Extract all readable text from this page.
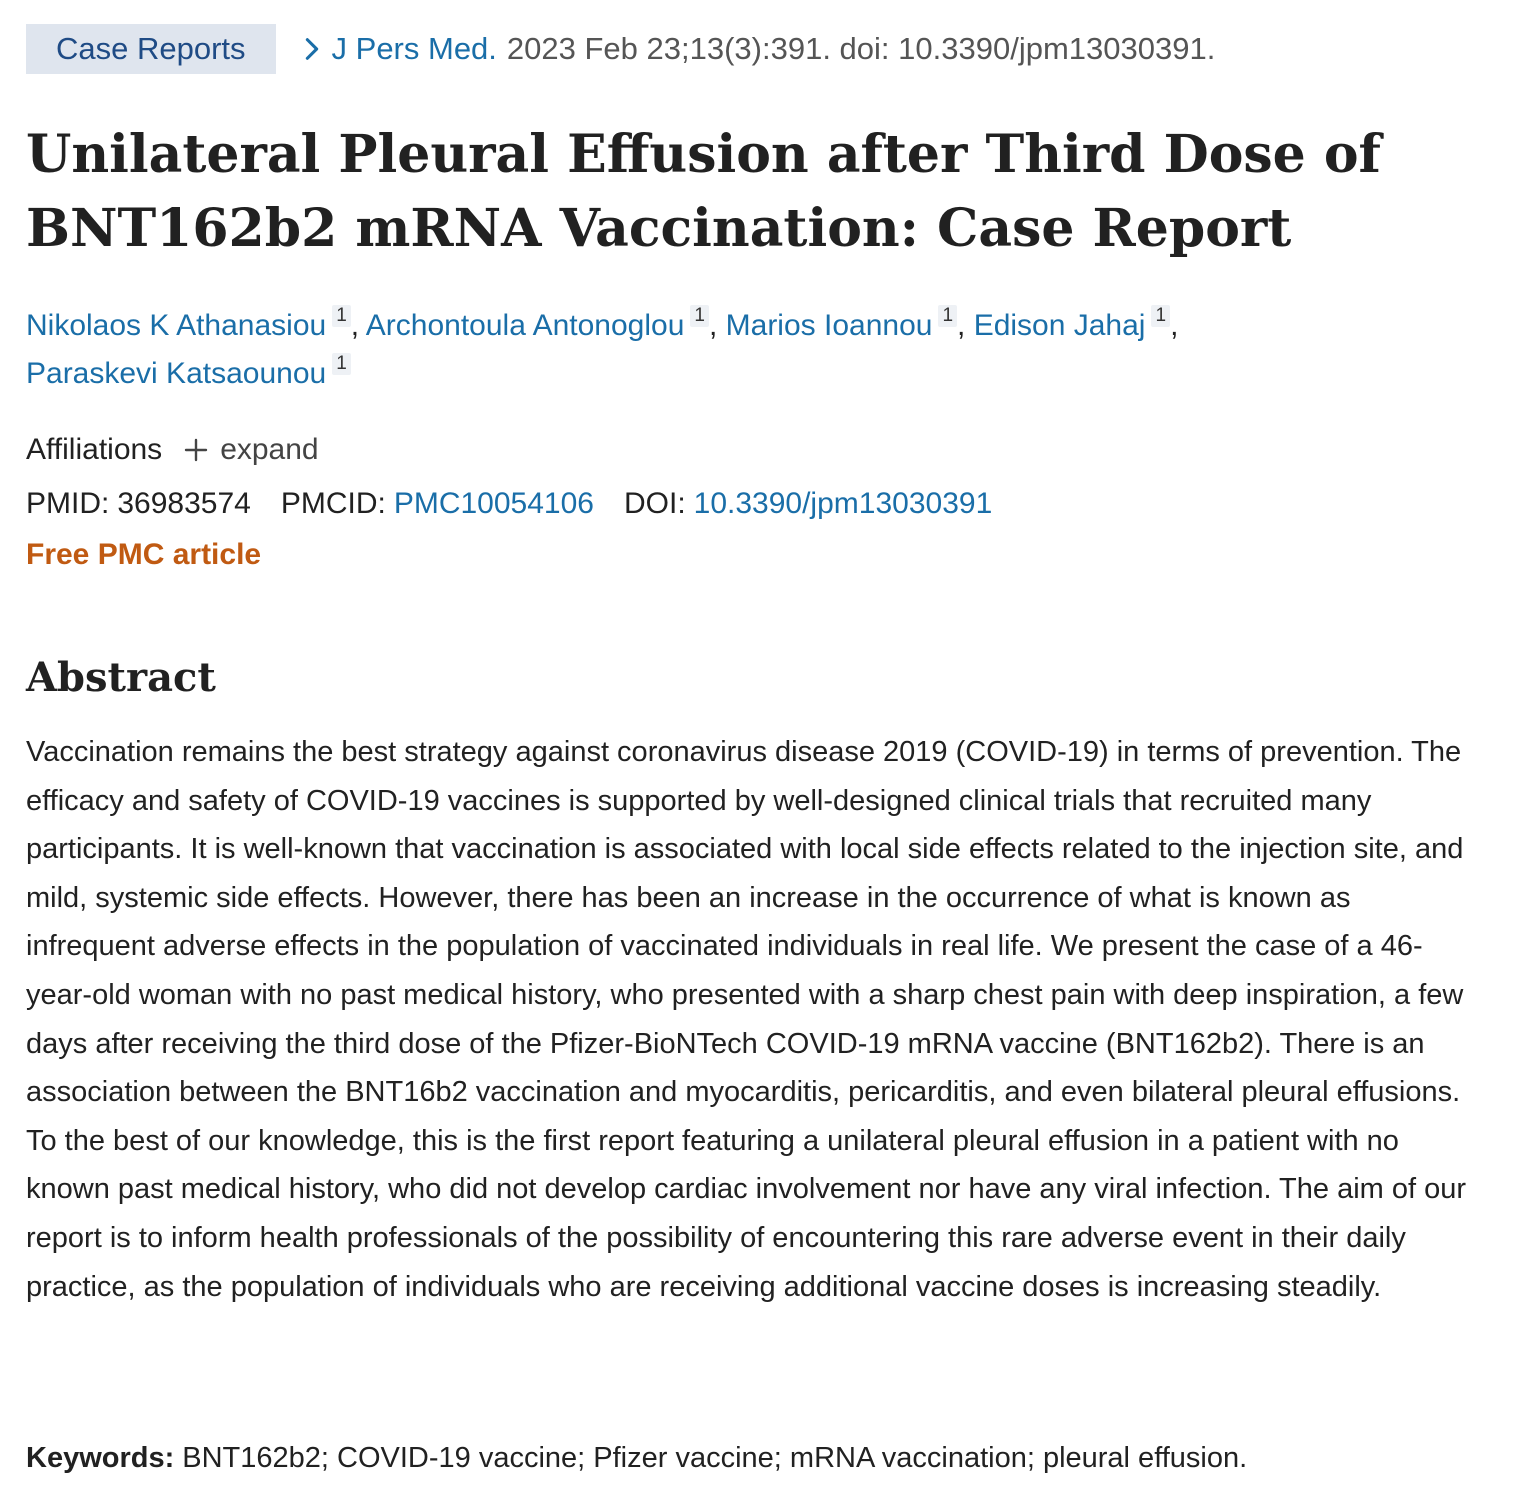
Case Reports	J Pers Med. 2023 Feb 23;13(3):391. doi: 10.3390/jpm13030391.
Unilateral Pleural Effusion after Third Dose of BNT162b2 mRNA Vaccination: Case Report
Nikolaos K Athanasiou $^1$ , Archontoula Antonoglou $^1$ , Marios Ioannou $^1$ , Edison Jahaj $^1$ ,
Paraskevi Katsaounou $^1$
Affiliations expand
PMID: 36983574 PMCID: PMC10054106 DOI: 10.3390/jpm13030391
Free PMC article
Abstract

Vaccination remains the best strategy against coronavirus disease 2019 (COVID-19) in terms of prevention. The efficacy and safety of COVID-19 vaccines is supported by well-designed clinical trials that recruited many participants. It is well-known that vaccination is associated with local side effects related to the injection site, and mild, systemic side effects. However, there has been an increase in the occurrence of what is known as infrequent adverse effects in the population of vaccinated individuals in real life. We present the case of a 46-year-old woman with no past medical history, who presented with a sharp chest pain with deep inspiration, a few days after receiving the third dose of the Pfizer-BioNTech COVID-19 mRNA vaccine (BNT162b2). There is an association between the BNT16b2 vaccination and myocarditis, pericarditis, and even bilateral pleural effusions. To the best of our knowledge, this is the first report featuring a unilateral pleural effusion in a patient with no known past medical history, who did not develop cardiac involvement nor have any viral infection. The aim of our report is to inform health professionals of the possibility of encountering this rare adverse event in their daily practice, as the population of individuals who are receiving additional vaccine doses is increasing steadily.

Keywords: BNT162b2; COVID-19 vaccine; Pfizer vaccine; mRNA vaccination; pleural effusion.
